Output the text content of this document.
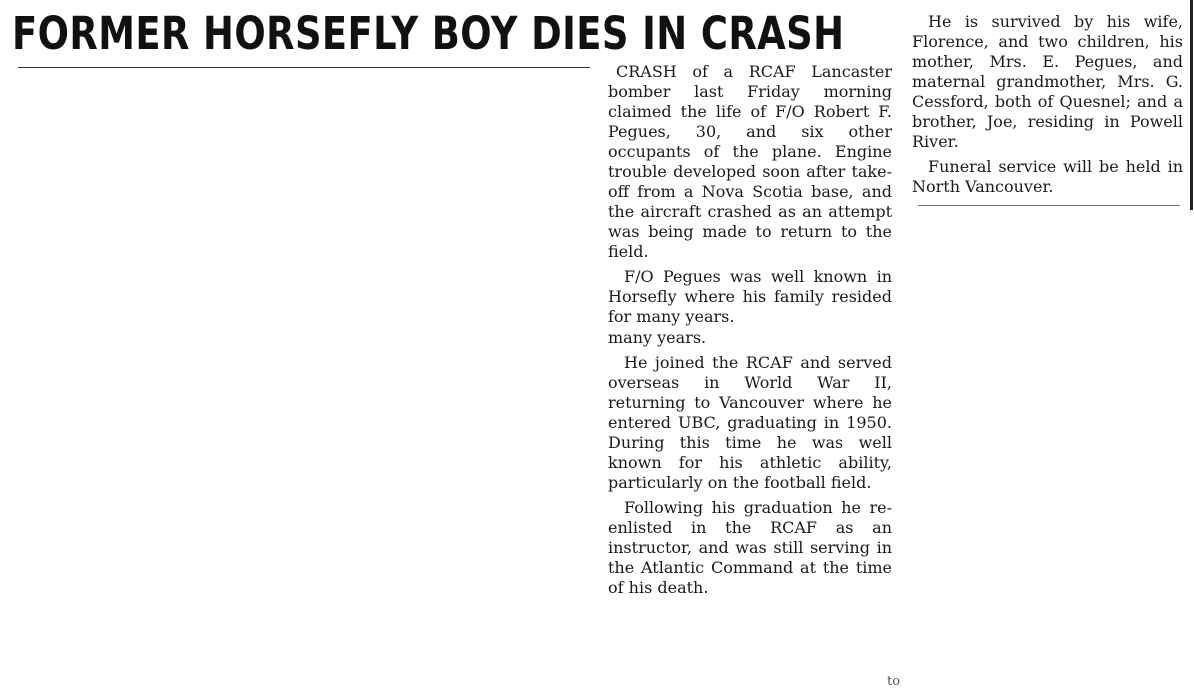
FORMER HORSEFLY BOY DIES IN CRASH

CRASH of a RCAF Lancaster bomber last Friday morning claimed the life of F/O Robert F. Pegues, 30, and six other occupants of the plane. Engine trouble developed soon after take-off from a Nova Scotia base, and the aircraft crashed as an attempt was being made to return to the field.

F/O Pegues was well known in Horsefly where his family resided for many years.

many years.

He joined the RCAF and served overseas in World War II, returning to Vancouver where he entered UBC, graduating in 1950. During this time he was well known for his athletic ability, particularly on the football field.

Following his graduation he re-enlisted in the RCAF as an instructor, and was still serving in the Atlantic Command at the time of his death.

He is survived by his wife, Florence, and two children, his mother, Mrs. E. Pegues, and maternal grandmother, Mrs. G. Cessford, both of Quesnel; and a brother, Joe, residing in Powell River.

Funeral service will be held in North Vancouver.

to
